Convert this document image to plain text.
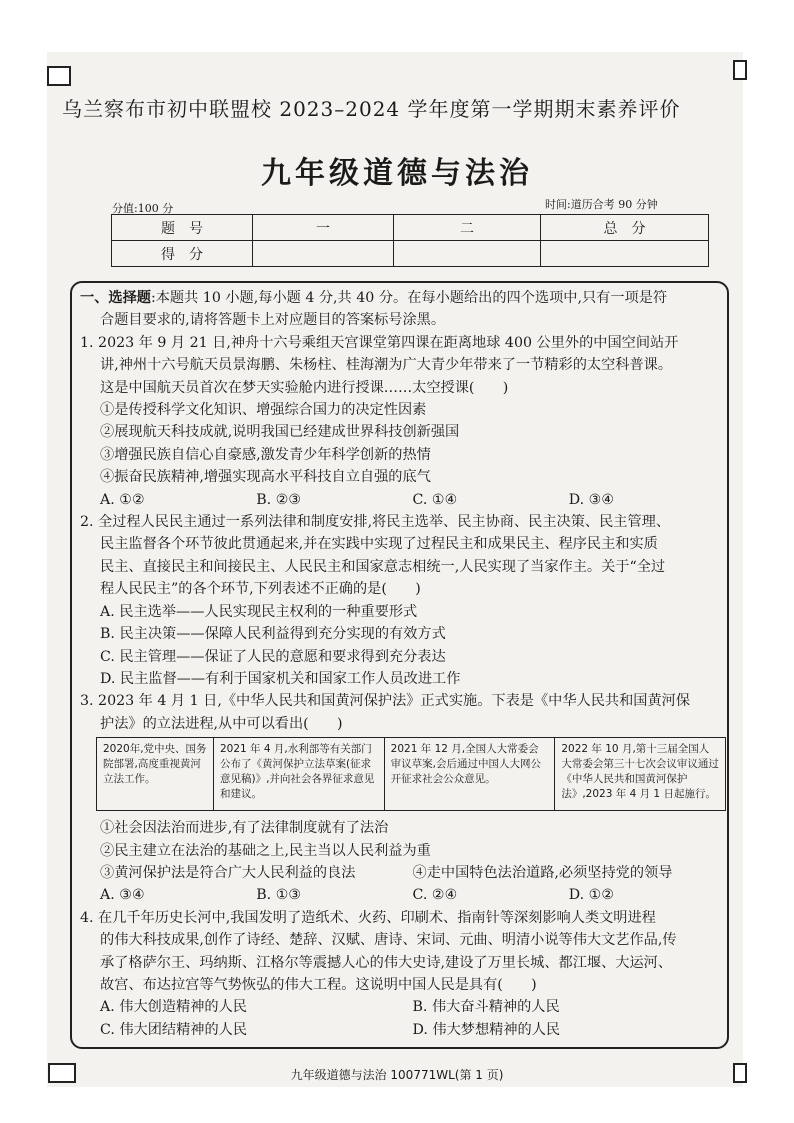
乌兰察布市初中联盟校 2023–2024 学年度第一学期期末素养评价
九年级道德与法治
分值:100 分	时间:道历合考 90 分钟
题　号	一	二	总　分
得　分			

一、选择题:本题共 10 小题,每小题 4 分,共 40 分。在每小题给出的四个选项中,只有一项是符

合题目要求的,请将答题卡上对应题目的答案标号涂黑。

1. 2023 年 9 月 21 日,神舟十六号乘组天宫课堂第四课在距离地球 400 公里外的中国空间站开

讲,神州十六号航天员景海鹏、朱杨柱、桂海潮为广大青少年带来了一节精彩的太空科普课。

这是中国航天员首次在梦天实验舱内进行授课……太空授课(　　)

①是传授科学文化知识、增强综合国力的决定性因素

②展现航天科技成就,说明我国已经建成世界科技创新强国

③增强民族自信心自豪感,激发青少年科学创新的热情

④振奋民族精神,增强实现高水平科技自立自强的底气

A. ①②	B. ②③	C. ①④	D. ③④

2. 全过程人民民主通过一系列法律和制度安排,将民主选举、民主协商、民主决策、民主管理、

民主监督各个环节彼此贯通起来,并在实践中实现了过程民主和成果民主、程序民主和实质

民主、直接民主和间接民主、人民民主和国家意志相统一,人民实现了当家作主。关于“全过

程人民民主”的各个环节,下列表述不正确的是(　　)

A. 民主选举——人民实现民主权利的一种重要形式

B. 民主决策——保障人民利益得到充分实现的有效方式

C. 民主管理——保证了人民的意愿和要求得到充分表达

D. 民主监督——有利于国家机关和国家工作人员改进工作

3. 2023 年 4 月 1 日,《中华人民共和国黄河保护法》正式实施。下表是《中华人民共和国黄河保

护法》的立法进程,从中可以看出(　　)

2020年,党中央、国务院部署,高度重视黄河立法工作。
2021 年 4 月,水利部等有关部门公布了《黄河保护立法草案(征求意见稿)》,并向社会各界征求意见和建议。
2021 年 12 月,全国人大常委会审议草案,会后通过中国人大网公开征求社会公众意见。
2022 年 10 月,第十三届全国人大常委会第三十七次会议审议通过《中华人民共和国黄河保护法》,2023 年 4 月 1 日起施行。

①社会因法治而进步,有了法律制度就有了法治

②民主建立在法治的基础之上,民主当以人民利益为重

③黄河保护法是符合广大人民利益的良法	④走中国特色法治道路,必须坚持党的领导
A. ③④	B. ①③	C. ②④	D. ①②

4. 在几千年历史长河中,我国发明了造纸术、火药、印刷术、指南针等深刻影响人类文明进程

的伟大科技成果,创作了诗经、楚辞、汉赋、唐诗、宋词、元曲、明清小说等伟大文艺作品,传

承了格萨尔王、玛纳斯、江格尔等震撼人心的伟大史诗,建设了万里长城、都江堰、大运河、

故宫、布达拉宫等气势恢弘的伟大工程。这说明中国人民是具有(　　)

A. 伟大创造精神的人民	B. 伟大奋斗精神的人民
C. 伟大团结精神的人民	D. 伟大梦想精神的人民
九年级道德与法治 100771WL(第 1 页)
